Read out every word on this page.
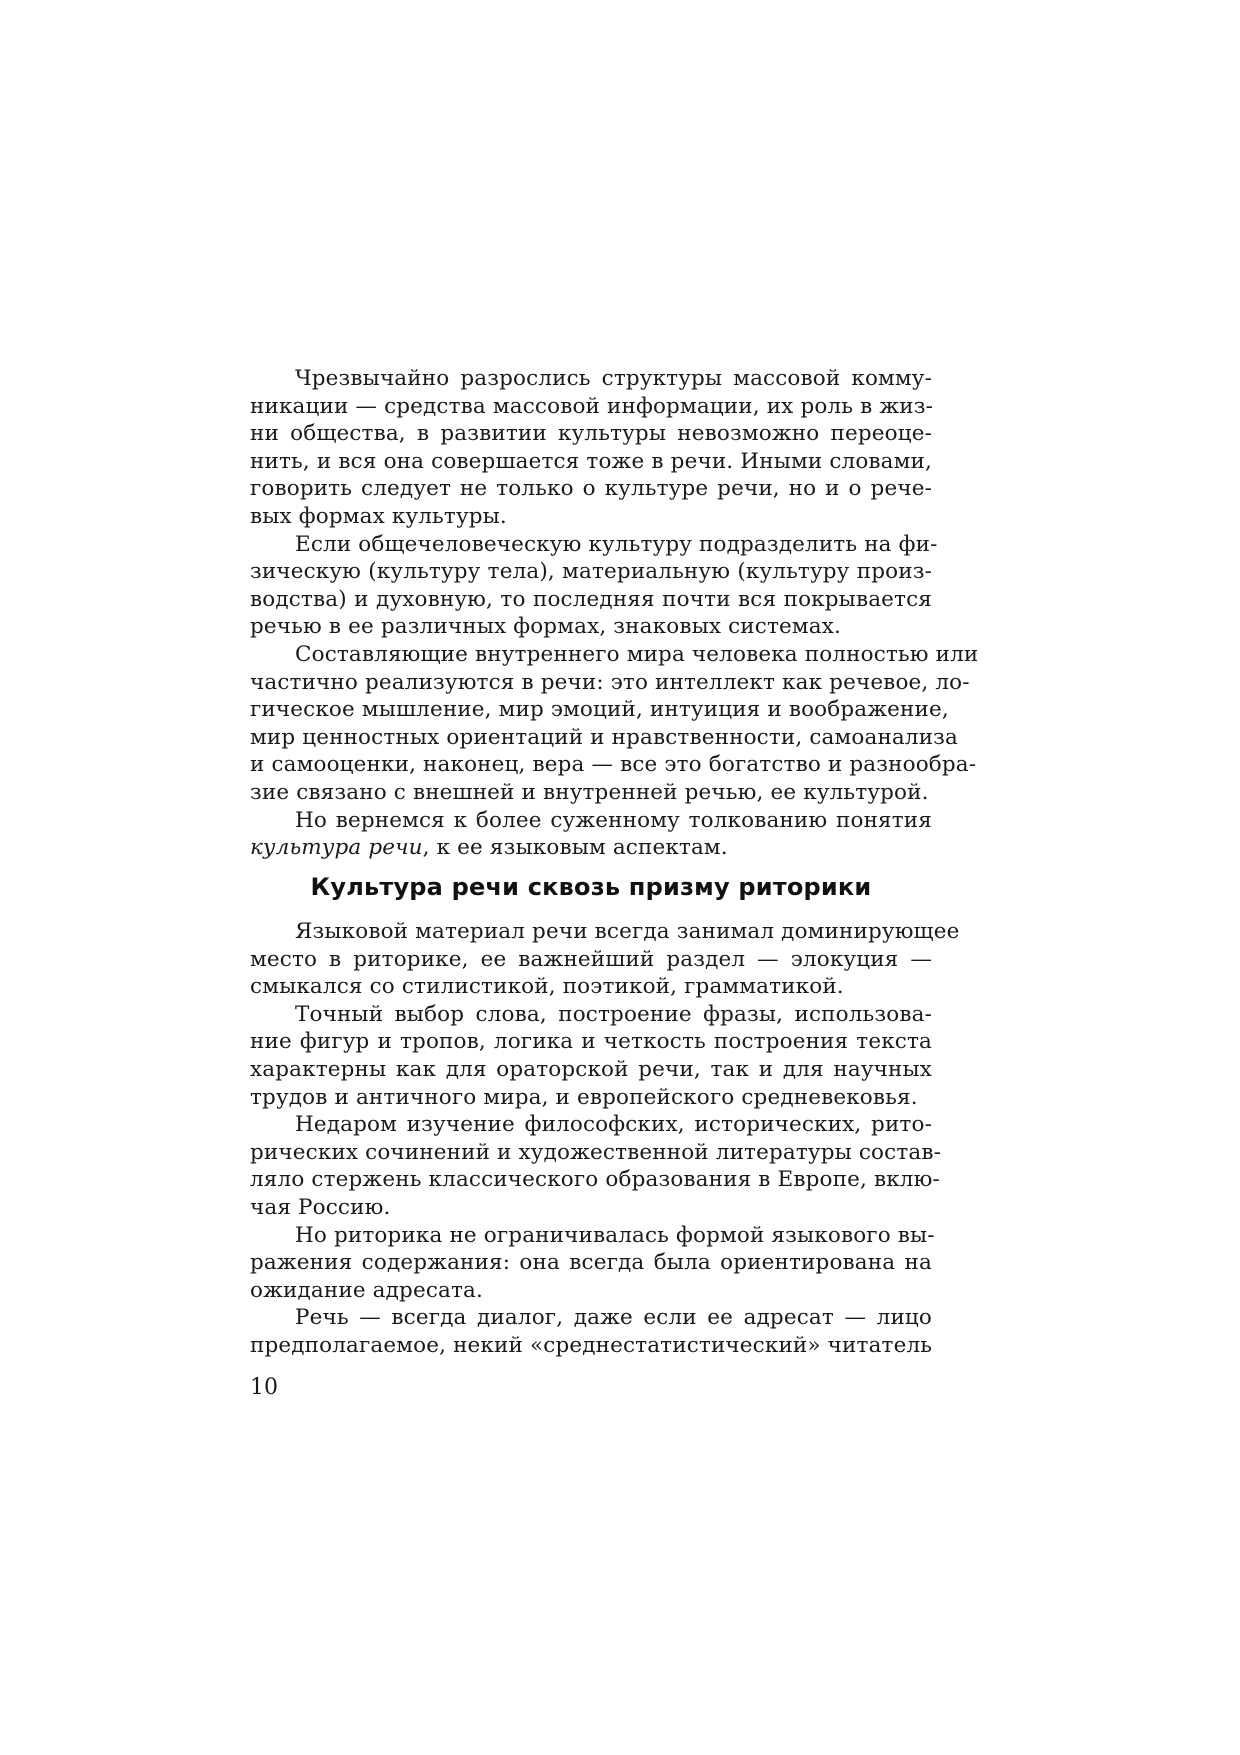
Чрезвычайно разрослись структуры массовой комму-
никации — средства массовой информации, их роль в жиз-
ни общества, в развитии культуры невозможно переоце-
нить, и вся она совершается тоже в речи. Иными словами,
говорить следует не только о культуре речи, но и о рече-
вых формах культуры.
Если общечеловеческую культуру подразделить на фи-
зическую (культуру тела), материальную (культуру произ-
водства) и духовную, то последняя почти вся покрывается
речью в ее различных формах, знаковых системах.
Составляющие внутреннего мира человека полностью или
частично реализуются в речи: это интеллект как речевое, ло-
гическое мышление, мир эмоций, интуиция и воображение,
мир ценностных ориентаций и нравственности, самоанализа
и самооценки, наконец, вера — все это богатство и разнообра-
зие связано с внешней и внутренней речью, ее культурой.
Но вернемся к более суженному толкованию понятия
культура речи, к ее языковым аспектам.
Культура речи сквозь призму риторики
Языковой материал речи всегда занимал доминирующее
место в риторике, ее важнейший раздел — элокуция —
смыкался со стилистикой, поэтикой, грамматикой.
Точный выбор слова, построение фразы, использова-
ние фигур и тропов, логика и четкость построения текста
характерны как для ораторской речи, так и для научных
трудов и античного мира, и европейского средневековья.
Недаром изучение философских, исторических, рито-
рических сочинений и художественной литературы состав-
ляло стержень классического образования в Европе, вклю-
чая Россию.
Но риторика не ограничивалась формой языкового вы-
ражения содержания: она всегда была ориентирована на
ожидание адресата.
Речь — всегда диалог, даже если ее адресат — лицо
предполагаемое, некий «среднестатистический» читатель
10
